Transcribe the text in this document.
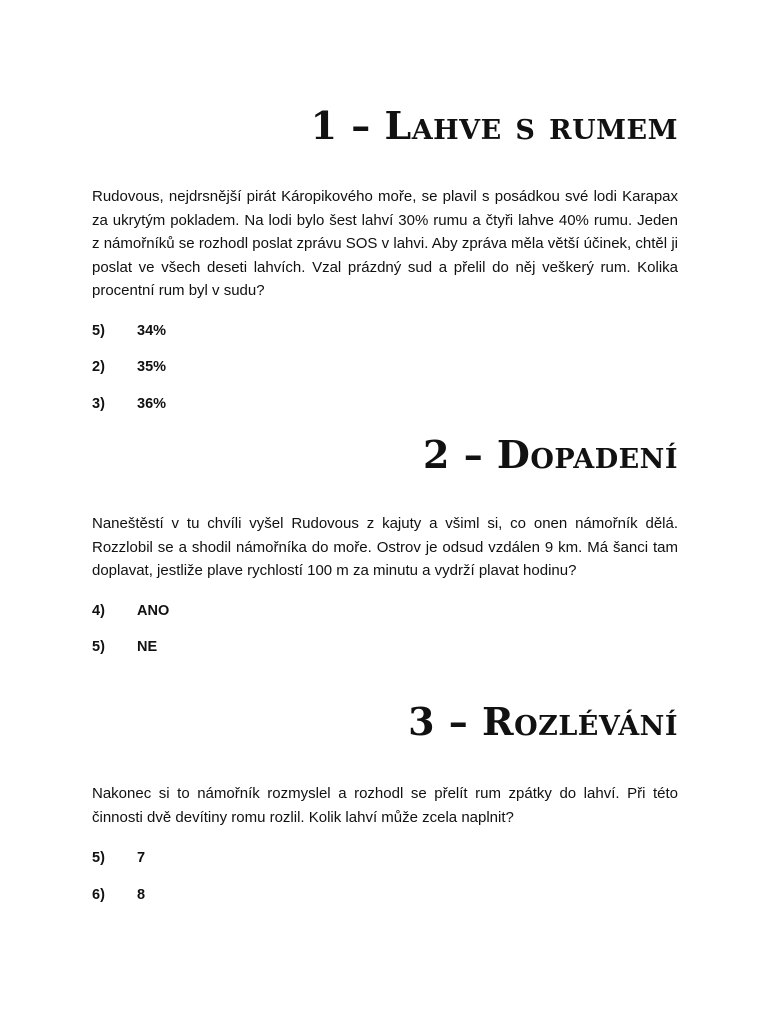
1 – Lahve s rumem

Rudovous, nejdrsnější pirát Káropikového moře, se plavil s posádkou své lodi Karapax za ukrytým pokladem. Na lodi bylo šest lahví 30% rumu a čtyři lahve 40% rumu. Jeden z námořníků se rozhodl poslat zprávu SOS v lahvi. Aby zpráva měla větší účinek, chtěl ji poslat ve všech deseti lahvích. Vzal prázdný sud a přelil do něj veškerý rum. Kolika procentní rum byl v sudu?

5)	34%
2)	35%
3)	36%
2 – Dopadení

Naneštěstí v tu chvíli vyšel Rudovous z kajuty a všiml si, co onen námořník dělá. Rozzlobil se a shodil námořníka do moře. Ostrov je odsud vzdálen 9 km. Má šanci tam doplavat, jestliže plave rychlostí 100 m za minutu a vydrží plavat hodinu?

4)	ANO
5)	NE
3 – Rozlévání

Nakonec si to námořník rozmyslel a rozhodl se přelít rum zpátky do lahví. Při této činnosti dvě devítiny romu rozlil. Kolik lahví může zcela naplnit?

5)	7
6)	8
